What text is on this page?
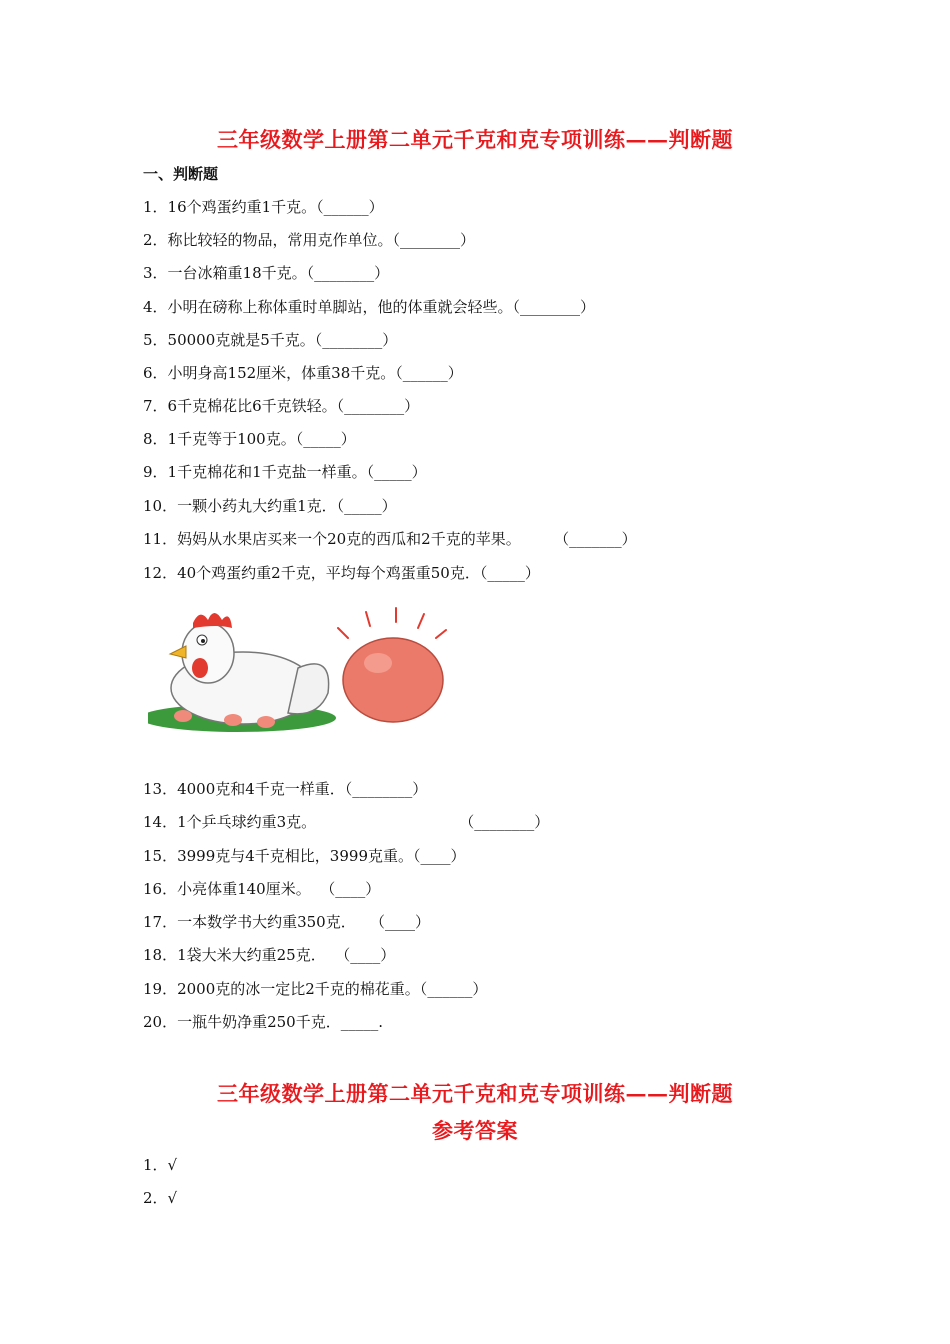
三年级数学上册第二单元千克和克专项训练——判断题
一、判断题
1．16个鸡蛋约重1千克。（______）
2．称比较轻的物品，常用克作单位。（________）
3．一台冰箱重18千克。（________）
4．小明在磅称上称体重时单脚站，他的体重就会轻些。（________）
5．50000克就是5千克。（________）
6．小明身高152厘米，体重38千克。（______）
7．6千克棉花比6千克铁轻。（________）
8．1千克等于100克。（_____）
9．1千克棉花和1千克盐一样重。（_____）
10．一颗小药丸大约重1克．（_____）
11．妈妈从水果店买来一个20克的西瓜和2千克的苹果。       （_______）
12．40个鸡蛋约重2千克，平均每个鸡蛋重50克．（_____）
13．4000克和4千克一样重．（________）
14．1个乒乓球约重3克。                              （________）
15．3999克与4千克相比，3999克重。（____）
16．小亮体重140厘米。  （____）
17．一本数学书大约重350克．   （____）
18．1袋大米大约重25克．  （____）
19．2000克的冰一定比2千克的棉花重。（______）
20．一瓶牛奶净重250千克．_____.
三年级数学上册第二单元千克和克专项训练——判断题
参考答案
1．√
2．√
